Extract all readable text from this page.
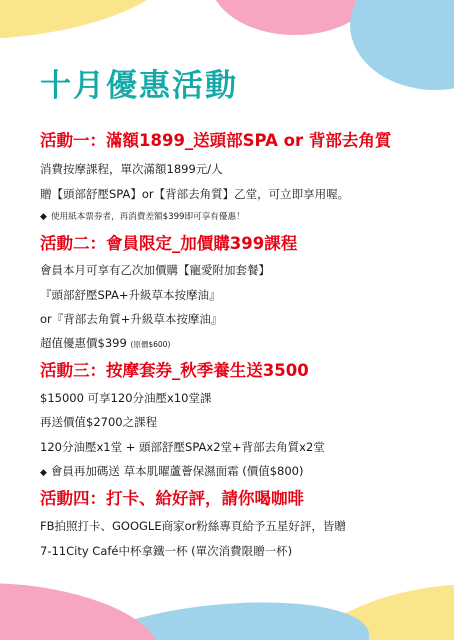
十月優惠活動
活動一：滿額1899_送頭部SPA or 背部去角質
消費按摩課程，單次滿額1899元/人
贈【頭部舒壓SPA】or【背部去角質】乙堂，可立即享用喔。
◆ 使用紙本票券者，再消費差額$399即可享有優惠！
活動二：會員限定_加價購399課程
會員本月可享有乙次加價購【寵愛附加套餐】
『頭部舒壓SPA+升級草本按摩油』
or『背部去角質+升級草本按摩油』
超值優惠價$399 (原價$600)
活動三：按摩套券_秋季養生送3500
$15000 可享120分油壓x10堂課
再送價值$2700之課程
120分油壓x1堂 + 頭部舒壓SPAx2堂+背部去角質x2堂
◆ 會員再加碼送 草本肌曜蘆薈保濕面霜 (價值$800)
活動四：打卡、給好評，請你喝咖啡
FB拍照打卡、GOOGLE商家or粉絲專頁給予五星好評，皆贈
7-11City Café中杯拿鐵一杯 (單次消費限贈一杯)
